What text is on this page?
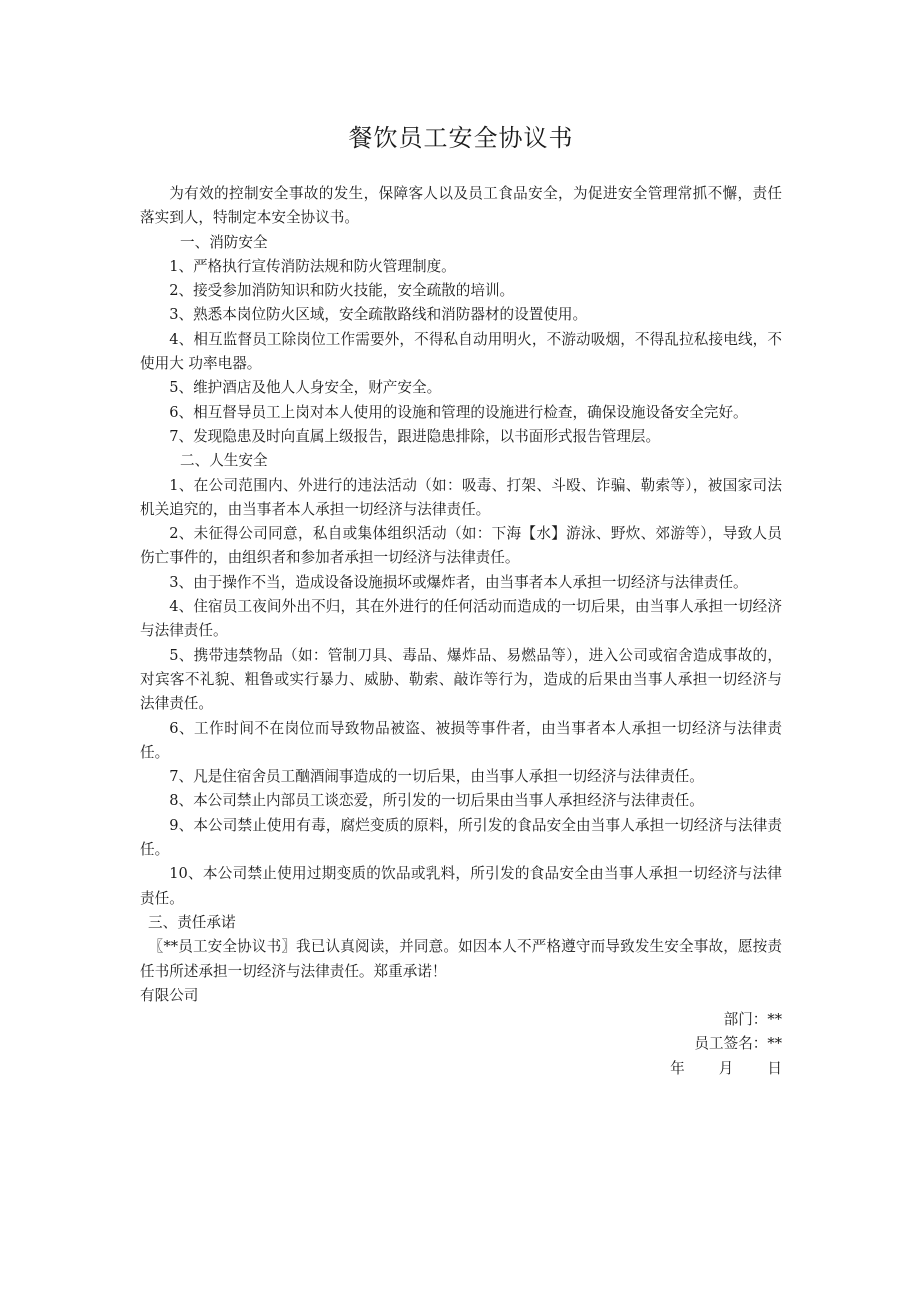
餐饮员工安全协议书

为有效的控制安全事故的发生，保障客人以及员工食品安全，为促进安全管理常抓不懈，责任落实到人，特制定本安全协议书。

一、消防安全

1、严格执行宣传消防法规和防火管理制度。

2、接受参加消防知识和防火技能，安全疏散的培训。

3、熟悉本岗位防火区域，安全疏散路线和消防器材的设置使用。

4、相互监督员工除岗位工作需要外，不得私自动用明火，不游动吸烟，不得乱拉私接电线，不使用大 功率电器。

5、维护酒店及他人人身安全，财产安全。

6、相互督导员工上岗对本人使用的设施和管理的设施进行检查，确保设施设备安全完好。

7、发现隐患及时向直属上级报告，跟进隐患排除，以书面形式报告管理层。

二、人生安全

1、在公司范围内、外进行的违法活动（如：吸毒、打架、斗殴、诈骗、勒索等），被国家司法机关追究的，由当事者本人承担一切经济与法律责任。

2、未征得公司同意，私自或集体组织活动（如：下海【水】游泳、野炊、郊游等），导致人员伤亡事件的，由组织者和参加者承担一切经济与法律责任。

3、由于操作不当，造成设备设施损坏或爆炸者，由当事者本人承担一切经济与法律责任。

4、住宿员工夜间外出不归，其在外进行的任何活动而造成的一切后果，由当事人承担一切经济与法律责任。

5、携带违禁物品（如：管制刀具、毒品、爆炸品、易燃品等），进入公司或宿舍造成事故的，对宾客不礼貌、粗鲁或实行暴力、威胁、勒索、敲诈等行为，造成的后果由当事人承担一切经济与法律责任。

6、工作时间不在岗位而导致物品被盗、被损等事件者，由当事者本人承担一切经济与法律责任。

7、凡是住宿舍员工酗酒闹事造成的一切后果，由当事人承担一切经济与法律责任。

8、本公司禁止内部员工谈恋爱，所引发的一切后果由当事人承担经济与法律责任。

9、本公司禁止使用有毒，腐烂变质的原料，所引发的食品安全由当事人承担一切经济与法律责任。

10、本公司禁止使用过期变质的饮品或乳料，所引发的食品安全由当事人承担一切经济与法律责任。

三、责任承诺

〖**员工安全协议书〗我已认真阅读，并同意。如因本人不严格遵守而导致发生安全事故，愿按责任书所述承担一切经济与法律责任。郑重承诺！

有限公司

部门：**

员工签名：**

年 月 日
